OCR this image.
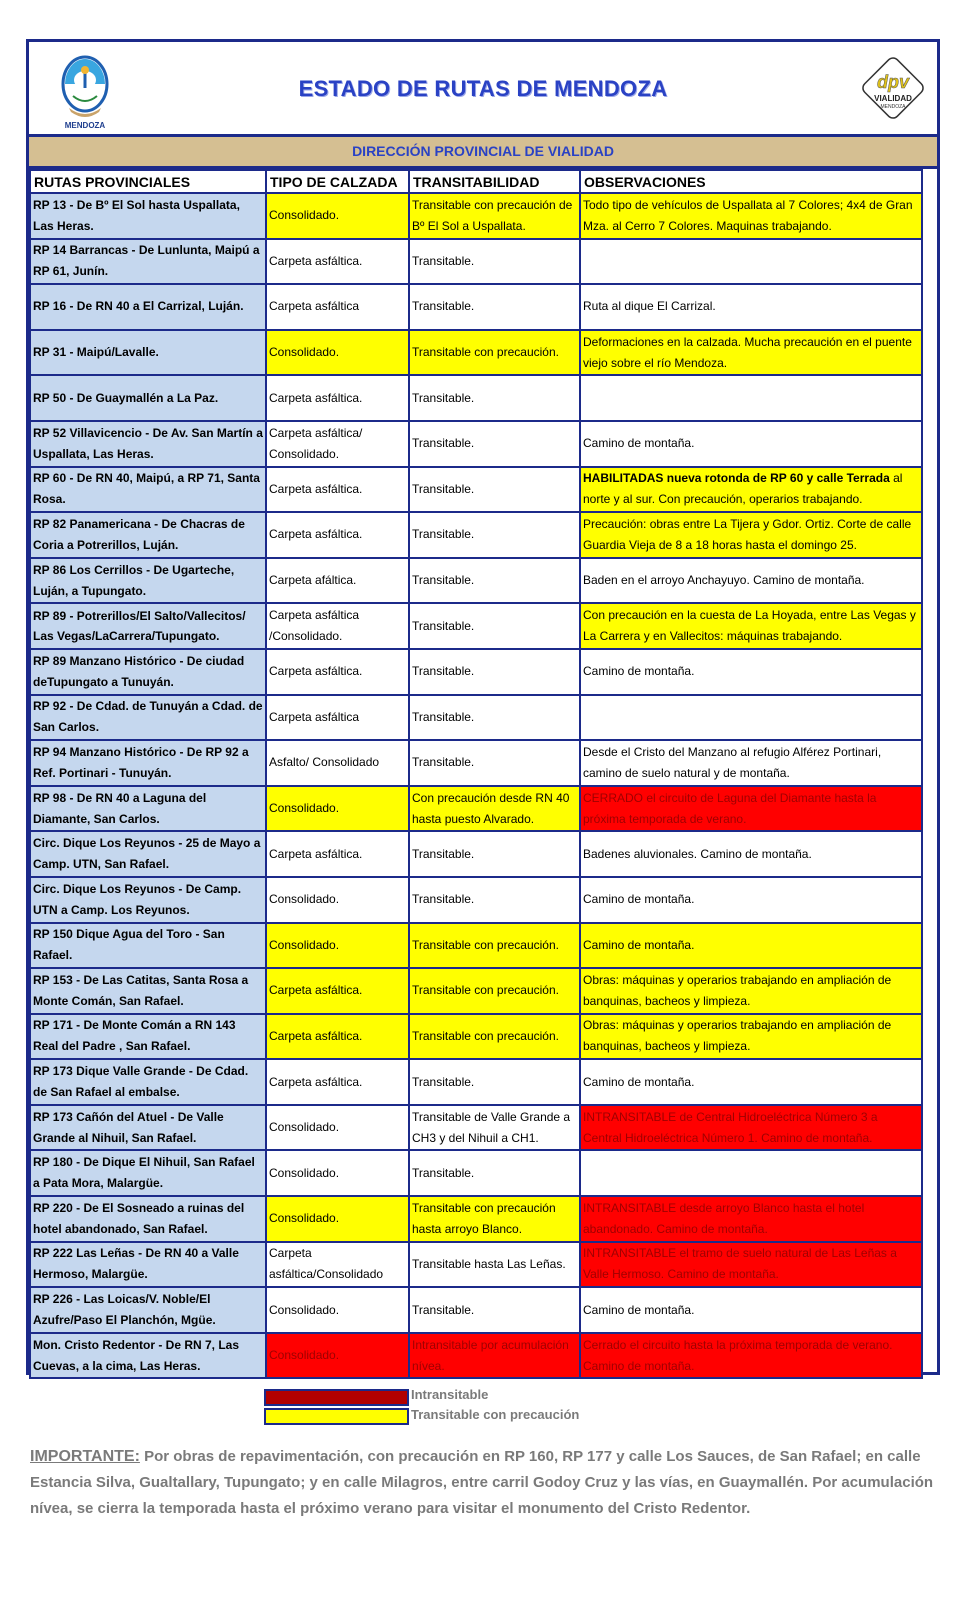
MENDOZA
ESTADO DE RUTAS DE MENDOZA	dpv
VIALIDAD
MENDOZA
DIRECCIÓN PROVINCIAL DE VIALIDAD
RUTAS PROVINCIALES	TIPO DE CALZADA	TRANSITABILIDAD	OBSERVACIONES
RP 13 - De Bº El Sol hasta Uspallata, Las Heras.	Consolidado.	Transitable con precaución de Bº El Sol a Uspallata.	Todo tipo de vehículos de Uspallata al 7 Colores; 4x4 de Gran Mza. al Cerro 7 Colores. Maquinas trabajando.
RP 14 Barrancas - De Lunlunta, Maipú a RP 61, Junín.	Carpeta asfáltica.	Transitable.	
RP 16 - De RN 40 a El Carrizal, Luján.	Carpeta asfáltica	Transitable.	Ruta al dique El Carrizal.
RP 31 - Maipú/Lavalle.	Consolidado.	Transitable con precaución.	Deformaciones en la calzada. Mucha precaución en el puente viejo sobre el río Mendoza.
RP 50 - De Guaymallén a La Paz.	Carpeta asfáltica.	Transitable.	
RP 52 Villavicencio - De Av. San Martín a Uspallata, Las Heras.	Carpeta asfáltica/ Consolidado.	Transitable.	Camino de montaña.
RP 60 - De RN 40, Maipú, a RP 71, Santa Rosa.	Carpeta asfáltica.	Transitable.	HABILITADAS nueva rotonda de RP 60 y calle Terrada al norte y al sur. Con precaución, operarios trabajando.
RP 82 Panamericana - De Chacras de Coria a Potrerillos, Luján.	Carpeta asfáltica.	Transitable.	Precaución: obras entre La Tijera y Gdor. Ortiz. Corte de calle Guardia Vieja de 8 a 18 horas hasta el domingo 25.
RP 86 Los Cerrillos - De Ugarteche, Luján, a Tupungato.	Carpeta afáltica.	Transitable.	Baden en el arroyo Anchayuyo. Camino de montaña.
RP 89 - Potrerillos/El Salto/Vallecitos/ Las Vegas/LaCarrera/Tupungato.	Carpeta asfáltica /Consolidado.	Transitable.	Con precaución en la cuesta de La Hoyada, entre Las Vegas y La Carrera y en Vallecitos: máquinas trabajando.
RP 89 Manzano Histórico - De ciudad deTupungato a Tunuyán.	Carpeta asfáltica.	Transitable.	Camino de montaña.
RP 92 - De Cdad. de Tunuyán a Cdad. de San Carlos.	Carpeta asfáltica	Transitable.	
RP 94 Manzano Histórico - De RP 92 a Ref. Portinari - Tunuyán.	Asfalto/ Consolidado	Transitable.	Desde el Cristo del Manzano al refugio Alférez Portinari, camino de suelo natural y de montaña.
RP 98 - De RN 40 a Laguna del Diamante, San Carlos.	Consolidado.	Con precaución desde RN 40 hasta puesto Alvarado.	CERRADO el circuito de Laguna del Diamante hasta la próxima temporada de verano.
Circ. Dique Los Reyunos - 25 de Mayo a Camp. UTN, San Rafael.	Carpeta asfáltica.	Transitable.	Badenes aluvionales. Camino de montaña.
Circ. Dique Los Reyunos - De Camp. UTN a Camp. Los Reyunos.	Consolidado.	Transitable.	Camino de montaña.
RP 150 Dique Agua del Toro - San Rafael.	Consolidado.	Transitable con precaución.	Camino de montaña.
RP 153 - De Las Catitas, Santa Rosa a Monte Comán, San Rafael.	Carpeta asfáltica.	Transitable con precaución.	Obras: máquinas y operarios trabajando en ampliación de banquinas, bacheos y limpieza.
RP 171 - De Monte Comán a RN 143 Real del Padre , San Rafael.	Carpeta asfáltica.	Transitable con precaución.	Obras: máquinas y operarios trabajando en ampliación de banquinas, bacheos y limpieza.
RP 173 Dique Valle Grande - De Cdad. de San Rafael al embalse.	Carpeta asfáltica.	Transitable.	Camino de montaña.
RP 173 Cañón del Atuel - De Valle Grande al Nihuil, San Rafael.	Consolidado.	Transitable de Valle Grande a CH3 y del Nihuil a CH1.	INTRANSITABLE de Central Hidroeléctrica Número 3 a Central Hidroeléctrica Número 1. Camino de montaña.
RP 180 - De Dique El Nihuil, San Rafael a Pata Mora, Malargüe.	Consolidado.	Transitable.	
RP 220 - De El Sosneado a ruinas del hotel abandonado, San Rafael.	Consolidado.	Transitable con precaución hasta arroyo Blanco.	INTRANSITABLE desde arroyo Blanco hasta el hotel abandonado. Camino de montaña.
RP 222 Las Leñas - De RN 40 a Valle Hermoso, Malargüe.	Carpeta asfáltica/Consolidado	Transitable hasta Las Leñas.	INTRANSITABLE el tramo de suelo natural de Las Leñas a Valle Hermoso. Camino de montaña.
RP 226 - Las Loicas/V. Noble/El Azufre/Paso El Planchón, Mgüe.	Consolidado.	Transitable.	Camino de montaña.
Mon. Cristo Redentor - De RN 7, Las Cuevas, a la cima, Las Heras.	Consolidado.	Intransitable por acumulación nívea.	Cerrado el circuito hasta la próxima temporada de verano. Camino de montaña.
Intransitable
Transitable con precaución
IMPORTANTE: Por obras de repavimentación, con precaución en RP 160, RP 177 y calle Los Sauces, de San Rafael; en calle Estancia Silva, Gualtallary, Tupungato; y en calle Milagros, entre carril Godoy Cruz y las vías, en Guaymallén. Por acumulación nívea, se cierra la temporada hasta el próximo verano para visitar el monumento del Cristo Redentor.
